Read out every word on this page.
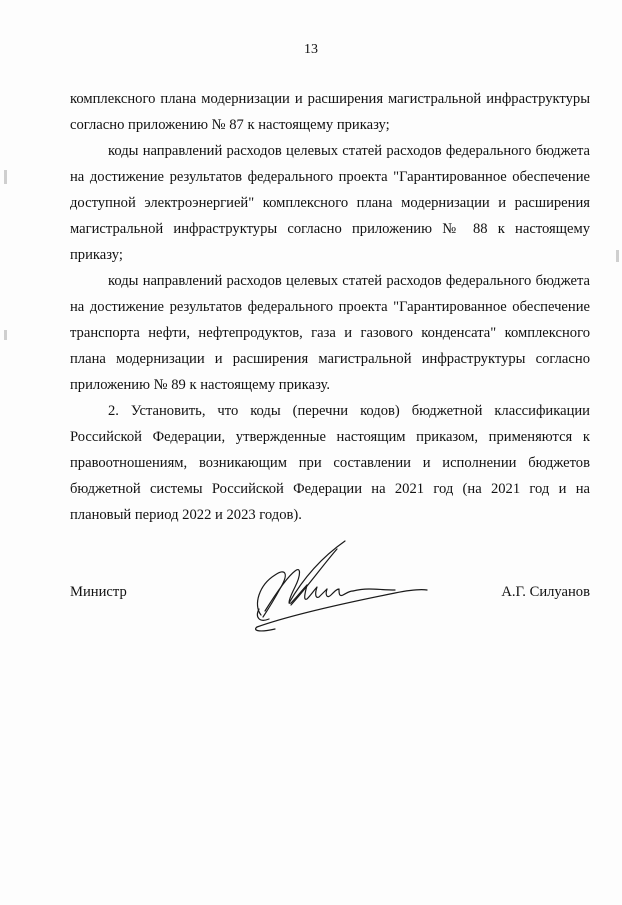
13

комплексного плана модернизации и расширения магистральной инфраструктуры согласно приложению № 87 к настоящему приказу;

коды направлений расходов целевых статей расходов федерального бюджета на достижение результатов федерального проекта "Гарантированное обеспечение доступной электроэнергией" комплексного плана модернизации и расширения магистральной инфраструктуры согласно приложению № 88 к настоящему приказу;

коды направлений расходов целевых статей расходов федерального бюджета на достижение результатов федерального проекта "Гарантированное обеспечение транспорта нефти, нефтепродуктов, газа и газового конденсата" комплексного плана модернизации и расширения магистральной инфраструктуры согласно приложению № 89 к настоящему приказу.

2. Установить, что коды (перечни кодов) бюджетной классификации Российской Федерации, утвержденные настоящим приказом, применяются к правоотношениям, возникающим при составлении и исполнении бюджетов бюджетной системы Российской Федерации на 2021 год (на 2021 год и на плановый период 2022 и 2023 годов).

Министр	А.Г. Силуанов
